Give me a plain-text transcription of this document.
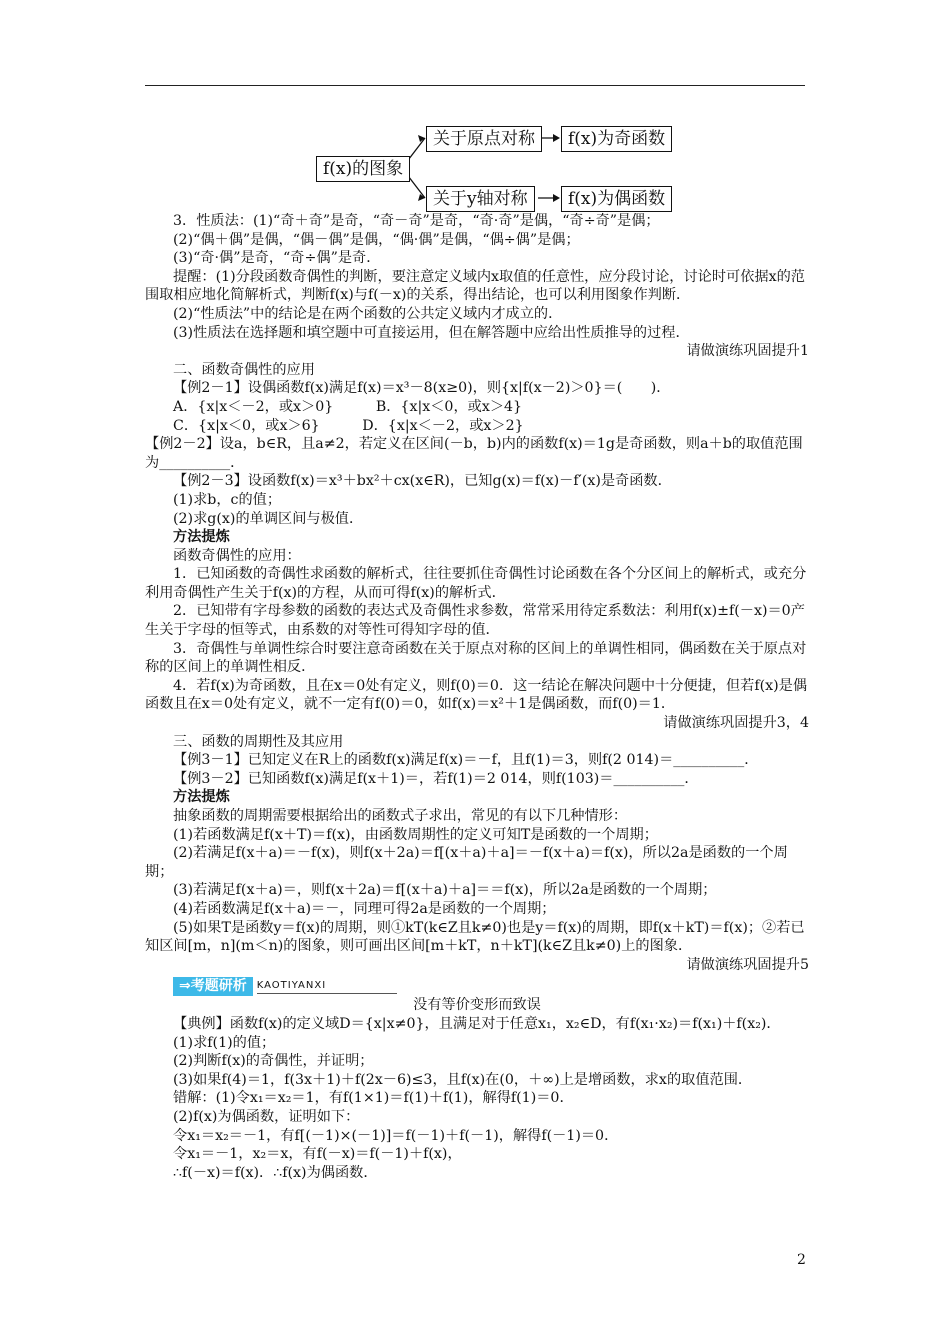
f(x)的图象
关于原点对称	f(x)为奇函数
关于y轴对称	f(x)为偶函数

3．性质法：(1)“奇＋奇”是奇，“奇－奇”是奇，“奇·奇”是偶，“奇÷奇”是偶；

(2)“偶＋偶”是偶，“偶－偶”是偶，“偶·偶”是偶，“偶÷偶”是偶；

(3)“奇·偶”是奇，“奇÷偶”是奇．

提醒：(1)分段函数奇偶性的判断，要注意定义域内x取值的任意性，应分段讨论，讨论时可依据x的范围取相应地化简解析式，判断f(x)与f(－x)的关系，得出结论，也可以利用图象作判断．

(2)“性质法”中的结论是在两个函数的公共定义域内才成立的．

(3)性质法在选择题和填空题中可直接运用，但在解答题中应给出性质推导的过程．

请做演练巩固提升1

二、函数奇偶性的应用

【例2－1】设偶函数f(x)满足f(x)＝x³－8(x≥0)，则{x|f(x－2)＞0}＝(　　)．

A．{x|x＜－2，或x＞0}　　　B．{x|x＜0，或x＞4}

C．{x|x＜0，或x＞6}　　　D．{x|x＜－2，或x＞2}

【例2－2】设a，b∈R，且a≠2，若定义在区间(－b，b)内的函数f(x)＝1g是奇函数，则a＋b的取值范围为__________．

【例2－3】设函数f(x)＝x³＋bx²＋cx(x∈R)，已知g(x)＝f(x)－f′(x)是奇函数．

(1)求b，c的值；

(2)求g(x)的单调区间与极值．

方法提炼

函数奇偶性的应用：

1．已知函数的奇偶性求函数的解析式，往往要抓住奇偶性讨论函数在各个分区间上的解析式，或充分利用奇偶性产生关于f(x)的方程，从而可得f(x)的解析式．

2．已知带有字母参数的函数的表达式及奇偶性求参数，常常采用待定系数法：利用f(x)±f(－x)＝0产生关于字母的恒等式，由系数的对等性可得知字母的值．

3．奇偶性与单调性综合时要注意奇函数在关于原点对称的区间上的单调性相同，偶函数在关于原点对称的区间上的单调性相反．

4．若f(x)为奇函数，且在x＝0处有定义，则f(0)＝0．这一结论在解决问题中十分便捷，但若f(x)是偶函数且在x＝0处有定义，就不一定有f(0)＝0，如f(x)＝x²＋1是偶函数，而f(0)＝1．

请做演练巩固提升3，4

三、函数的周期性及其应用

【例3－1】已知定义在R上的函数f(x)满足f(x)＝－f，且f(1)＝3，则f(2 014)＝__________．

【例3－2】已知函数f(x)满足f(x＋1)＝，若f(1)＝2 014，则f(103)＝__________．

方法提炼

抽象函数的周期需要根据给出的函数式子求出，常见的有以下几种情形：

(1)若函数满足f(x＋T)＝f(x)，由函数周期性的定义可知T是函数的一个周期；

(2)若满足f(x＋a)＝－f(x)，则f(x＋2a)＝f[(x＋a)＋a]＝－f(x＋a)＝f(x)，所以2a是函数的一个周期；

(3)若满足f(x＋a)＝，则f(x＋2a)＝f[(x＋a)＋a]＝＝f(x)，所以2a是函数的一个周期；

(4)若函数满足f(x＋a)＝－，同理可得2a是函数的一个周期；

(5)如果T是函数y＝f(x)的周期，则①kT(k∈Z且k≠0)也是y＝f(x)的周期，即f(x＋kT)＝f(x)；②若已知区间[m，n](m＜n)的图象，则可画出区间[m＋kT，n＋kT](k∈Z且k≠0)上的图象．

请做演练巩固提升5

⇒考题研析	KAOTIYANXI

没有等价变形而致误

【典例】函数f(x)的定义域D＝{x|x≠0}，且满足对于任意x₁，x₂∈D，有f(x₁·x₂)＝f(x₁)＋f(x₂)．

(1)求f(1)的值；

(2)判断f(x)的奇偶性，并证明；

(3)如果f(4)＝1，f(3x＋1)＋f(2x－6)≤3，且f(x)在(0，＋∞)上是增函数，求x的取值范围．

错解：(1)令x₁＝x₂＝1，有f(1×1)＝f(1)＋f(1)，解得f(1)＝0．

(2)f(x)为偶函数，证明如下：

令x₁＝x₂＝－1，有f[(－1)×(－1)]＝f(－1)＋f(－1)，解得f(－1)＝0．

令x₁＝－1，x₂＝x，有f(－x)＝f(－1)＋f(x)，

∴f(－x)＝f(x)．∴f(x)为偶函数．

2
